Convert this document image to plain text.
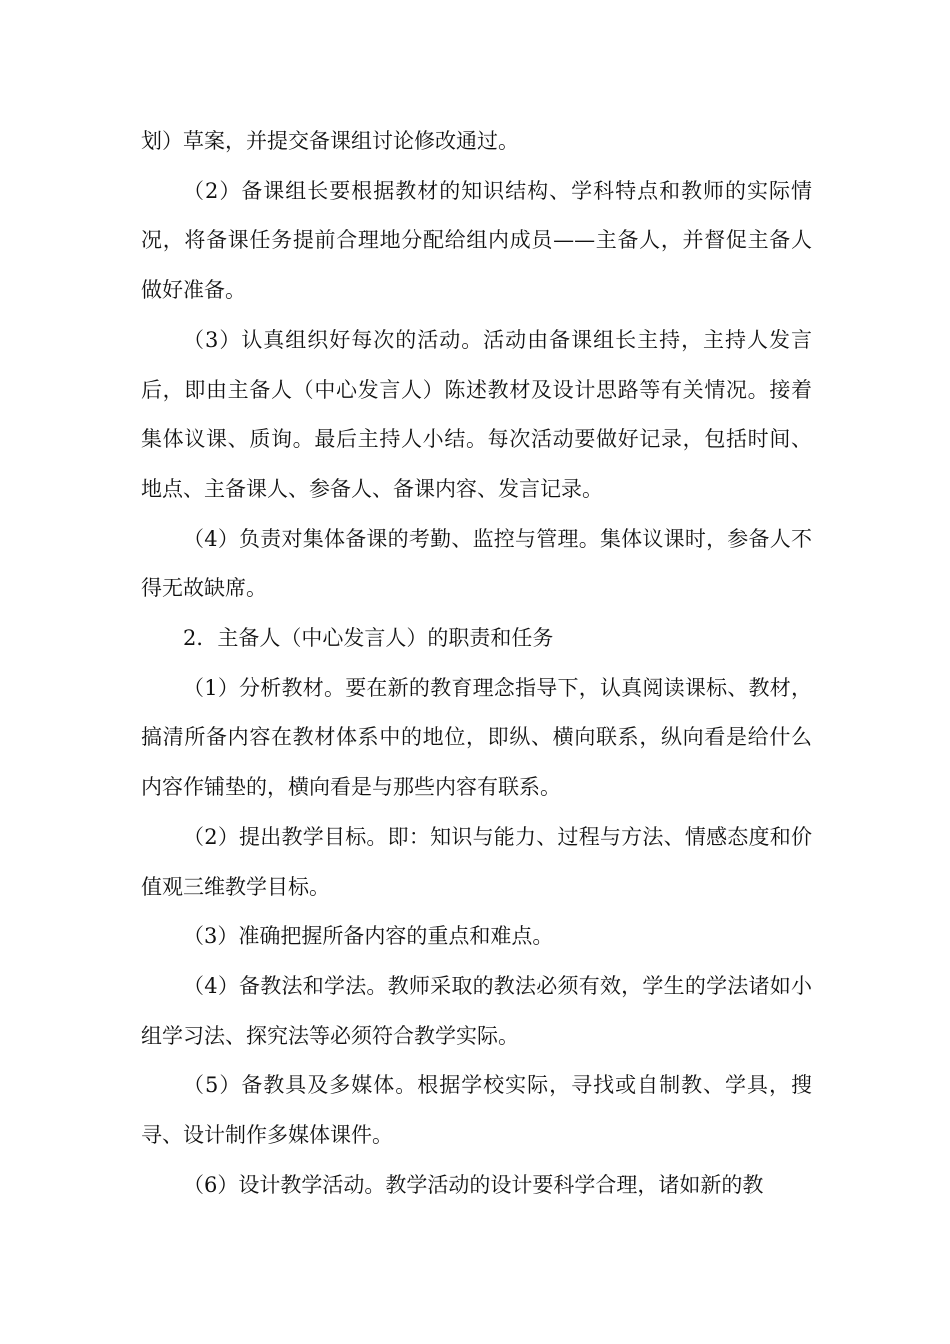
划）草案，并提交备课组讨论修改通过。

（2）备课组长要根据教材的知识结构、学科特点和教师的实际情况，将备课任务提前合理地分配给组内成员——主备人，并督促主备人做好准备。

（3）认真组织好每次的活动。活动由备课组长主持，主持人发言后，即由主备人（中心发言人）陈述教材及设计思路等有关情况。接着集体议课、质询。最后主持人小结。每次活动要做好记录，包括时间、地点、主备课人、参备人、备课内容、发言记录。

（4）负责对集体备课的考勤、监控与管理。集体议课时，参备人不得无故缺席。

2．主备人（中心发言人）的职责和任务

（1）分析教材。要在新的教育理念指导下，认真阅读课标、教材，搞清所备内容在教材体系中的地位，即纵、横向联系，纵向看是给什么内容作铺垫的，横向看是与那些内容有联系。

（2）提出教学目标。即：知识与能力、过程与方法、情感态度和价值观三维教学目标。

（3）准确把握所备内容的重点和难点。

（4）备教法和学法。教师采取的教法必须有效，学生的学法诸如小组学习法、探究法等必须符合教学实际。

（5）备教具及多媒体。根据学校实际，寻找或自制教、学具，搜寻、设计制作多媒体课件。

（6）设计教学活动。教学活动的设计要科学合理，诸如新的教
